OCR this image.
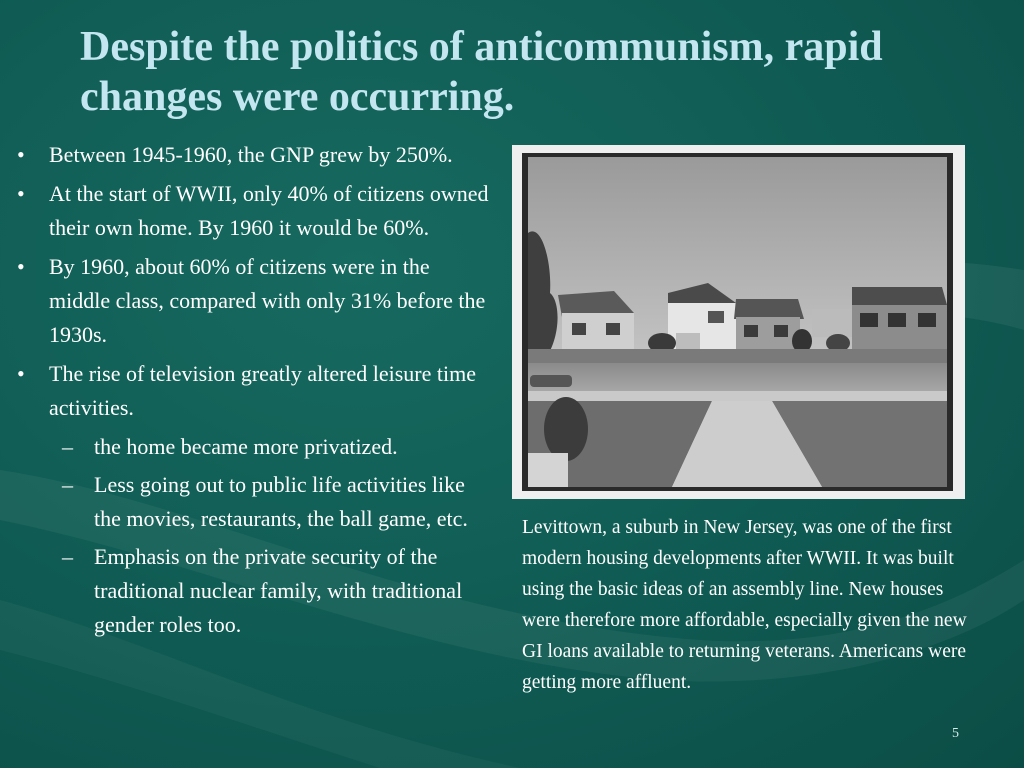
Despite the politics of anticommunism, rapid changes were occurring.
• Between 1945-1960, the GNP grew by 250%.
• At the start of WWII, only 40% of citizens owned their own home. By 1960 it would be 60%.
• By 1960, about 60% of citizens were in the middle class, compared with only 31% before the 1930s.
• The rise of television greatly altered leisure time activities.
– the home became more privatized.
– Less going out to public life activities like the movies, restaurants, the ball game, etc.
– Emphasis on the private security of the traditional nuclear family, with traditional gender roles too.

Levittown, a suburb in New Jersey, was one of the first modern housing developments after WWII. It was built using the basic ideas of an assembly line. New houses were therefore more affordable, especially given the new GI loans available to returning veterans. Americans were getting more affluent.

5
